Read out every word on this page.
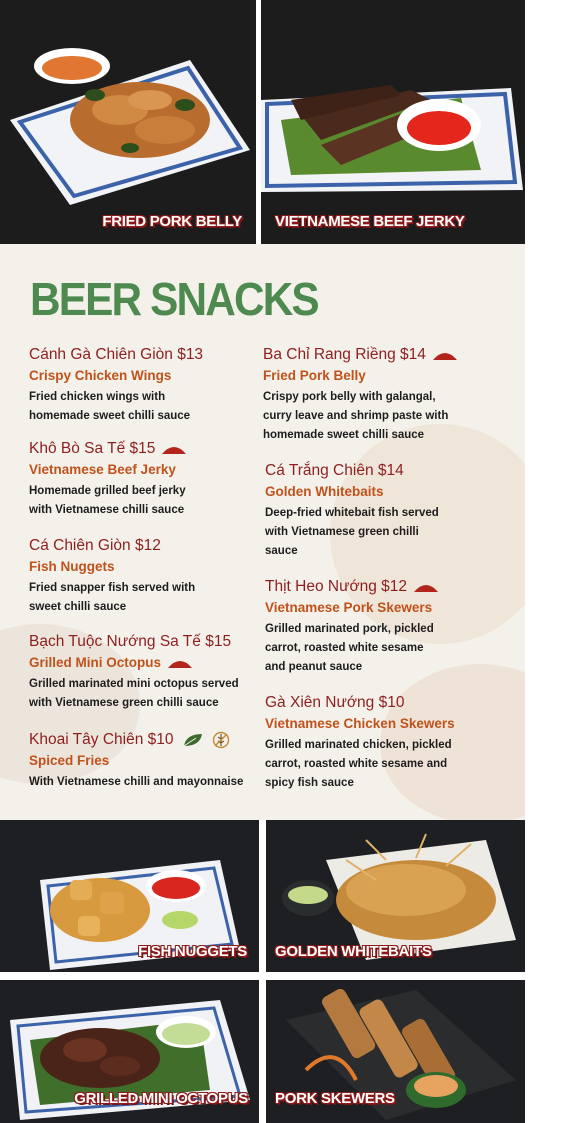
FRIED PORK BELLY VIETNAMESE BEEF JERKY
BEER SNACKS
Cánh Gà Chiên Giòn $13
Crispy Chicken Wings
Fried chicken wings with homemade sweet chilli sauce
Khô Bò Sa Tế $15
Vietnamese Beef Jerky
Homemade grilled beef jerky with Vietnamese chilli sauce
Cá Chiên Giòn $12
Fish Nuggets
Fried snapper fish served with sweet chilli sauce
Bạch Tuộc Nướng Sa Tế $15
Grilled Mini Octopus
Grilled marinated mini octopus served with Vietnamese green chilli sauce
Khoai Tây Chiên $10
Spiced Fries
With Vietnamese chilli and mayonnaise
Ba Chỉ Rang Riềng $14
Fried Pork Belly
Crispy pork belly with galangal, curry leave and shrimp paste with homemade sweet chilli sauce
Cá Trắng Chiên $14
Golden Whitebaits
Deep-fried whitebait fish served with Vietnamese green chilli sauce
Thịt Heo Nướng $12
Vietnamese Pork Skewers
Grilled marinated pork, pickled carrot, roasted white sesame and peanut sauce
Gà Xiên Nướng $10
Vietnamese Chicken Skewers
Grilled marinated chicken, pickled carrot, roasted white sesame and spicy fish sauce
FISH NUGGETS GOLDEN WHITEBAITS
GRILLED MINI OCTOPUS PORK SKEWERS
